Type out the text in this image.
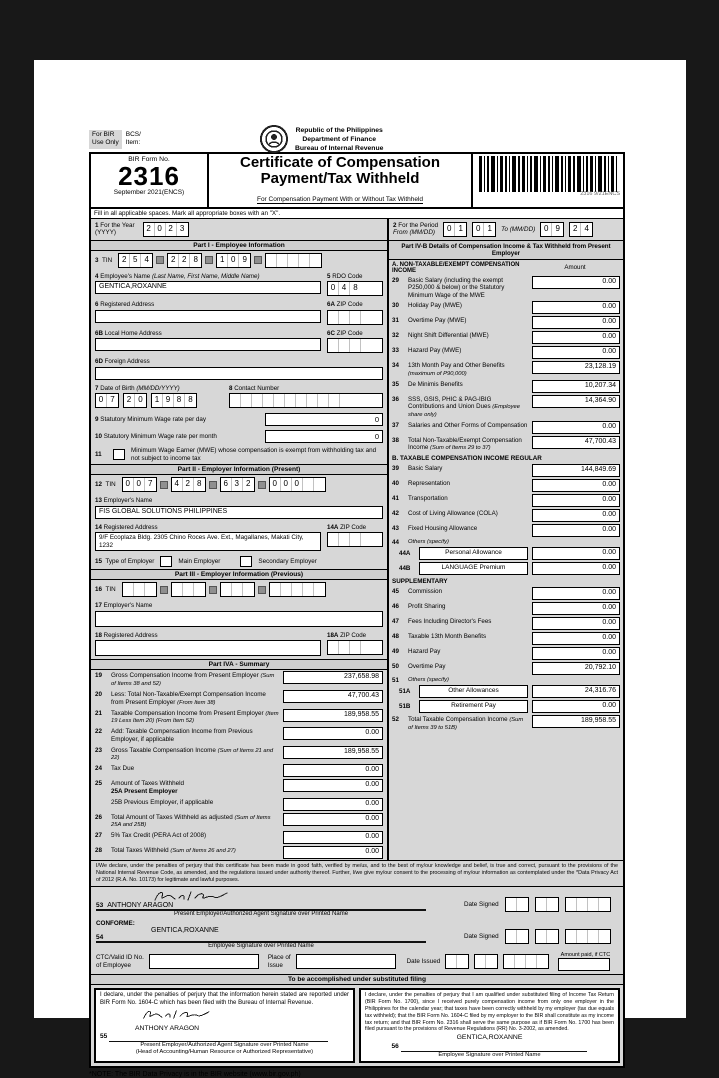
For BIR
Use Only
BCS/
Item:
Republic of the Philippines
Department of Finance
Bureau of Internal Revenue
BIR Form No.
2316
September 2021(ENCS)
Certificate of Compensation
Payment/Tax Withheld
For Compensation Payment With or Without Tax Withheld
2316 9/21ENCS
Fill in all applicable spaces. Mark all appropriate boxes with an "X".
1 For the Year
(YYYY)	2 0 2 3	2 For the Period
From (MM/DD)	0 1	0 1	To (MM/DD)	0 9	2 4
Part I - Employee Information
3 TIN	2 5 4	2 2 8	1 0 9
4 Employee's Name (Last Name, First Name, Middle Name)
GENTICA,ROXANNE
5 RDO Code
0 4 8
6 Registered Address	6A ZIP Code
6B Local Home Address	6C ZIP Code
6D Foreign Address
7 Date of Birth (MM/DD/YYYY)
0 7	2 0	1 9 8 8
8 Contact Number
9 Statutory Minimum Wage rate per day	0
10 Statutory Minimum Wage rate per month	0
11
Minimum Wage Earner (MWE) whose compensation is exempt from withholding tax and not subject to income tax
Part II - Employer Information (Present)
12 TIN	0 0 7	4 2 8	6 3 2	0 0 0
13 Employer's Name
FIS GLOBAL SOLUTIONS PHILIPPINES
14 Registered Address
9/F Ecoplaza Bldg. 2305 Chino Roces Ave. Ext., Magallanes, Makati City, 1232
14A ZIP Code
15 Type of Employer	Main Employer	Secondary Employer
Part III - Employer Information (Previous)
16 TIN
17 Employer's Name
18 Registered Address	18A ZIP Code
Part IVA - Summary
19	Gross Compensation Income from Present Employer (Sum of Items 38 and 52)
237,658.98
20	Less: Total Non-Taxable/Exempt Compensation Income from Present Employer (From Item 38)
47,700.43
21	Taxable Compensation Income from Present Employer (Item 19 Less Item 20) (From Item 52)
189,958.55
22	Add: Taxable Compensation Income from Previous Employer, if applicable
0.00
23	Gross Taxable Compensation Income (Sum of Items 21 and 22)
189,958.55
24	Tax Due	0.00
25	Amount of Taxes Withheld
25A Present Employer
0.00

25B Previous Employer, if applicable	0.00
26	Total Amount of Taxes Withheld as adjusted (Sum of Items 25A and 25B)
0.00
27	5% Tax Credit (PERA Act of 2008)	0.00
28	Total Taxes Withheld (Sum of Items 26 and 27)	0.00
Part IV-B Details of Compensation Income & Tax Withheld from Present Employer
A. NON-TAXABLE/EXEMPT COMPENSATION INCOME	Amount
29	Basic Salary (including the exempt P250,000 & below) or the Statutory Minimum Wage of the MWE
0.00
30	Holiday Pay (MWE)	0.00
31	Overtime Pay (MWE)	0.00
32	Night Shift Differential (MWE)	0.00
33	Hazard Pay (MWE)	0.00
34	13th Month Pay and Other Benefits (maximum of P90,000)
23,128.19
35	De Minimis Benefits	10,207.34
36	SSS, GSIS, PHIC & PAG-IBIG Contributions and Union Dues (Employee share only)
14,364.90
37	Salaries and Other Forms of Compensation	0.00
38	Total Non-Taxable/Exempt Compensation Income (Sum of Items 29 to 37)
47,700.43
B. TAXABLE COMPENSATION INCOME REGULAR
39	Basic Salary	144,849.69
40	Representation	0.00
41	Transportation	0.00
42	Cost of Living Allowance (COLA)	0.00
43	Fixed Housing Allowance	0.00
44	Others (specify)
44A	Personal Allowance	0.00
44B	LANGUAGE Premium	0.00
SUPPLEMENTARY
45	Commission	0.00
46	Profit Sharing	0.00
47	Fees Including Director's Fees	0.00
48	Taxable 13th Month Benefits	0.00
49	Hazard Pay	0.00
50	Overtime Pay	20,792.10
51	Others (specify)
51A	Other Allowances	24,316.76
51B	Retirement Pay	0.00
52	Total Taxable Compensation Income (Sum of Items 39 to 51B)
189,958.55
I/We declare, under the penalties of perjury that this certificate has been made in good faith, verified by me/us, and to the best of my/our knowledge and belief, is true and correct, pursuant to the provisions of the National Internal Revenue Code, as amended, and the regulations issued under authority thereof. Further, I/we give my/our consent to the processing of my/our information as contemplated under the *Data Privacy Act of 2012 (R.A. No. 10173) for legitimate and lawful purposes.
53 ANTHONY ARAGON
Present Employer/Authorized Agent Signature over Printed Name
Date Signed
CONFORME:
GENTICA,ROXANNE
54
Employee Signature over Printed Name
Date Signed
CTC/Valid ID No.
of Employee
Place of
Issue
Date Issued
Amount paid, if CTC
To be accomplished under substituted filing
I declare, under the penalties of perjury that the information herein stated are reported under BIR Form No. 1604-C which has been filed with the Bureau of Internal Revenue.
ANTHONY ARAGON
55
Present Employer/Authorized Agent Signature over Printed Name
(Head of Accounting/Human Resource or Authorized Representative)
I declare, under the penalties of perjury that I am qualified under substituted filing of Income Tax Return (BIR Form No. 1700), since I received purely compensation income from only one employer in the Philippines for the calendar year; that taxes have been correctly withheld by my employer (tax due equals tax withheld); that the BIR Form No. 1604-C filed by my employer to the BIR shall constitute as my income tax return; and that BIR Form No. 2316 shall serve the same purpose as if BIR Form No. 1700 has been filed pursuant to the provisions of Revenue Regulations (RR) No. 3-2002, as amended.
GENTICA,ROXANNE
56
Employee Signature over Printed Name
*NOTE: The BIR Data Privacy is in the BIR website (www.bir.gov.ph)
